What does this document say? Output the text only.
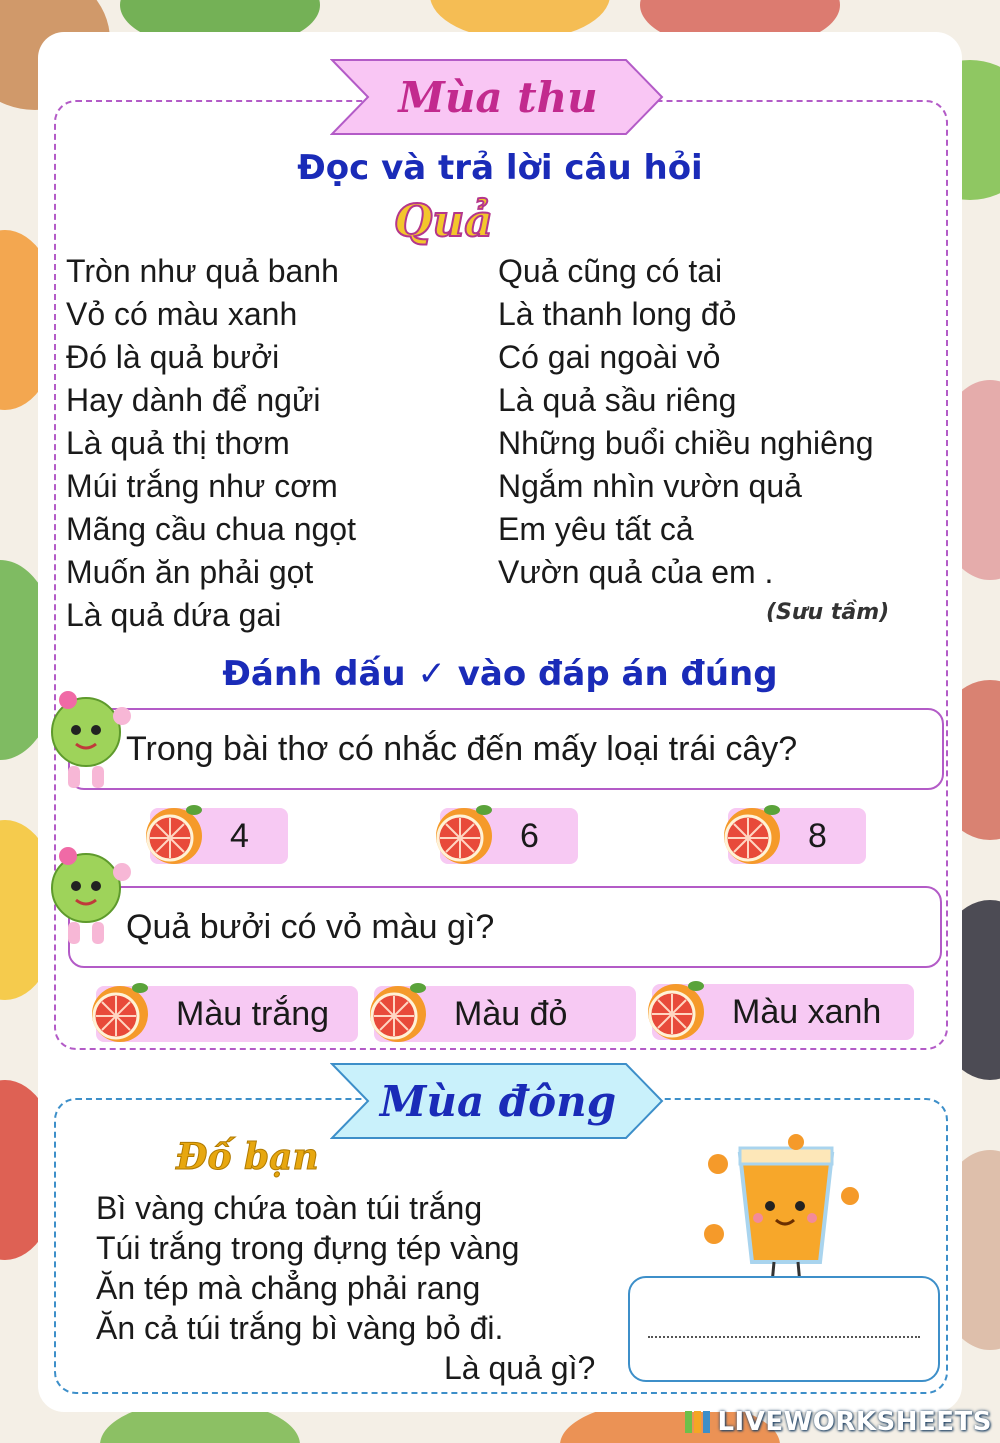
Mùa thu
Đọc và trả lời câu hỏi
Quả
Tròn như quả banh
Vỏ có màu xanh
Đó là quả bưởi
Hay dành để ngửi
Là quả thị thơm
Múi trắng như cơm
Mãng cầu chua ngọt
Muốn ăn phải gọt
Là quả dứa gai
Quả cũng có tai
Là thanh long đỏ
Có gai ngoài vỏ
Là quả sầu riêng
Những buổi chiều nghiêng
Ngắm nhìn vườn quả
Em yêu tất cả
Vườn quả của em .
(Sưu tầm)
Đánh dấu ✓ vào đáp án đúng
Trong bài thơ có nhắc đến mấy loại trái cây?
4	6	8
Quả bưởi có vỏ màu gì?
Màu trắng	Màu đỏ	Màu xanh
Mùa đông
Đố bạn
Bì vàng chứa toàn túi trắng
Túi trắng trong đựng tép vàng
Ăn tép mà chẳng phải rang
Ăn cả túi trắng bì vàng bỏ đi.
Là quả gì?
LIVEWORKSHEETS
